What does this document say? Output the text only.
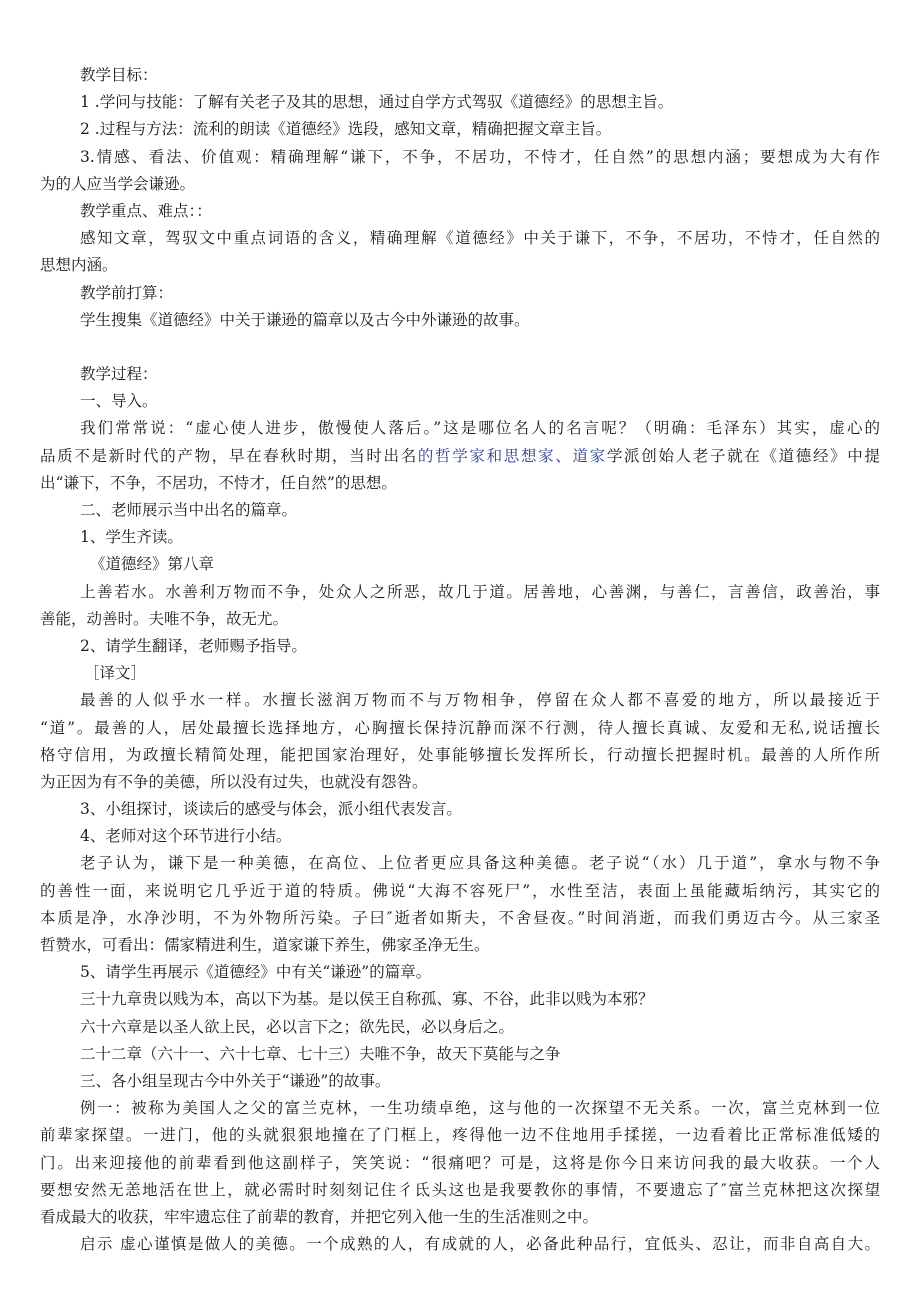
教学目标：
1 .学问与技能：了解有关老子及其的思想，通过自学方式驾驭《道德经》的思想主旨。
2 .过程与方法：流利的朗读《道德经》选段，感知文章，精确把握文章主旨。
3.情感、看法、价值观：精确理解“谦下，不争，不居功，不恃才，任自然”的思想内涵；要想成为大有作
为的人应当学会谦逊。
教学重点、难点：：
感知文章，驾驭文中重点词语的含义，精确理解《道德经》中关于谦下，不争，不居功，不恃才，任自然的
思想内涵。
教学前打算：
学生搜集《道德经》中关于谦逊的篇章以及古今中外谦逊的故事。
教学过程：
一、导入。
我们常常说：“虚心使人进步，傲慢使人落后。”这是哪位名人的名言呢？（明确：毛泽东）其实，虚心的
品质不是新时代的产物，早在春秋时期，当时出名的哲学家和思想家、道家学派创始人老子就在《道德经》中提
出“谦下，不争，不居功，不恃才，任自然”的思想。
二、老师展示当中出名的篇章。
1、学生齐读。
《道德经》第八章
上善若水。水善利万物而不争，处众人之所恶，故几于道。居善地，心善渊，与善仁，言善信，政善治，事
善能，动善时。夫唯不争，故无尤。
2、请学生翻译，老师赐予指导。
［译文］
最善的人似乎水一样。水擅长滋润万物而不与万物相争，停留在众人都不喜爱的地方，所以最接近于
“道”。最善的人，居处最擅长选择地方，心胸擅长保持沉静而深不行测，待人擅长真诚、友爱和无私,说话擅长
格守信用，为政擅长精简处理，能把国家治理好，处事能够擅长发挥所长，行动擅长把握时机。最善的人所作所
为正因为有不争的美德，所以没有过失，也就没有怨咎。
3、小组探讨，谈读后的感受与体会，派小组代表发言。
4、老师对这个环节进行小结。
老子认为，谦下是一种美德，在高位、上位者更应具备这种美德。老子说“（水）几于道”，拿水与物不争
的善性一面，来说明它几乎近于道的特质。佛说“大海不容死尸”，水性至洁，表面上虽能藏垢纳污，其实它的
本质是净，水净沙明，不为外物所污染。子曰″逝者如斯夫，不舍昼夜。”时间消逝，而我们勇迈古今。从三家圣
哲赞水，可看出：儒家精进利生，道家谦下养生，佛家圣净无生。
5、请学生再展示《道德经》中有关“谦逊”的篇章。
三十九章贵以贱为本，高以下为基。是以侯王自称孤、寡、不谷，此非以贱为本邪？
六十六章是以圣人欲上民，必以言下之；欲先民，必以身后之。
二十二章（六十一、六十七章、七十三）夫唯不争，故天下莫能与之争
三、各小组呈现古今中外关于“谦逊”的故事。
例一：被称为美国人之父的富兰克林，一生功绩卓绝，这与他的一次探望不无关系。一次，富兰克林到一位
前辈家探望。一进门，他的头就狠狠地撞在了门框上，疼得他一边不住地用手揉搓，一边看着比正常标准低矮的
门。出来迎接他的前辈看到他这副样子，笑笑说：“很痛吧？可是，这将是你今日来访问我的最大收获。一个人
要想安然无恙地活在世上，就必需时时刻刻记住彳氐头这也是我要教你的事情，不要遗忘了″富兰克林把这次探望
看成最大的收获，牢牢遗忘住了前辈的教育，并把它列入他一生的生活准则之中。
启示 虚心谨慎是做人的美德。一个成熟的人，有成就的人，必备此种品行，宜低头、忍让，而非自高自大。
